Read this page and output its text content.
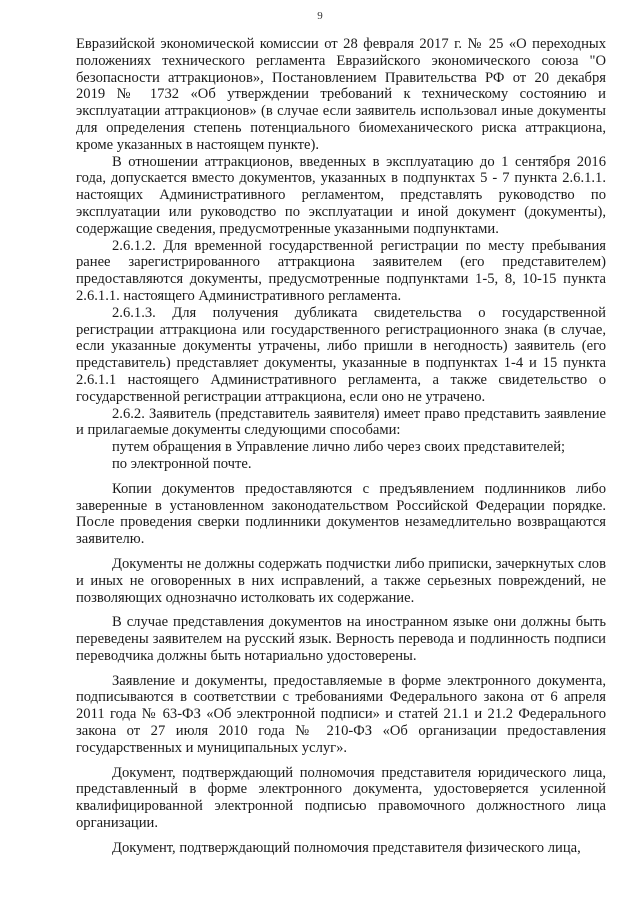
9

Евразийской экономической комиссии от 28 февраля 2017 г. № 25 «О переходных положениях технического регламента Евразийского экономического союза "О безопасности аттракционов», Постановлением Правительства РФ от 20 декабря 2019 № 1732 «Об утверждении требований к техническому состоянию и эксплуатации аттракционов» (в случае если заявитель использовал иные документы для определения степень потенциального биомеханического риска аттракциона, кроме указанных в настоящем пункте).

В отношении аттракционов, введенных в эксплуатацию до 1 сентября 2016 года, допускается вместо документов, указанных в подпунктах 5 - 7 пункта 2.6.1.1. настоящих Административного регламентом, представлять руководство по эксплуатации или руководство по эксплуатации и иной документ (документы), содержащие сведения, предусмотренные указанными подпунктами.

2.6.1.2. Для временной государственной регистрации по месту пребывания ранее зарегистрированного аттракциона заявителем (его представителем) предоставляются документы, предусмотренные подпунктами 1-5, 8, 10-15 пункта 2.6.1.1. настоящего Административного регламента.

2.6.1.3. Для получения дубликата свидетельства о государственной регистрации аттракциона или государственного регистрационного знака (в случае, если указанные документы утрачены, либо пришли в негодность) заявитель (его представитель) представляет документы, указанные в подпунктах 1-4 и 15 пункта 2.6.1.1 настоящего Административного регламента, а также свидетельство о государственной регистрации аттракциона, если оно не утрачено.

2.6.2. Заявитель (представитель заявителя) имеет право представить заявление и прилагаемые документы следующими способами:

путем обращения в Управление лично либо через своих представителей;

по электронной почте.

Копии документов предоставляются с предъявлением подлинников либо заверенные в установленном законодательством Российской Федерации порядке. После проведения сверки подлинники документов незамедлительно возвращаются заявителю.

Документы не должны содержать подчистки либо приписки, зачеркнутых слов и иных не оговоренных в них исправлений, а также серьезных повреждений, не позволяющих однозначно истолковать их содержание.

В случае представления документов на иностранном языке они должны быть переведены заявителем на русский язык. Верность перевода и подлинность подписи переводчика должны быть нотариально удостоверены.

Заявление и документы, предоставляемые в форме электронного документа, подписываются в соответствии с требованиями Федерального закона от 6 апреля 2011 года № 63-ФЗ «Об электронной подписи» и статей 21.1 и 21.2 Федерального закона от 27 июля 2010 года № 210-ФЗ «Об организации предоставления государственных и муниципальных услуг».

Документ, подтверждающий полномочия представителя юридического лица, представленный в форме электронного документа, удостоверяется усиленной квалифицированной электронной подписью правомочного должностного лица организации.

Документ, подтверждающий полномочия представителя физического лица,
